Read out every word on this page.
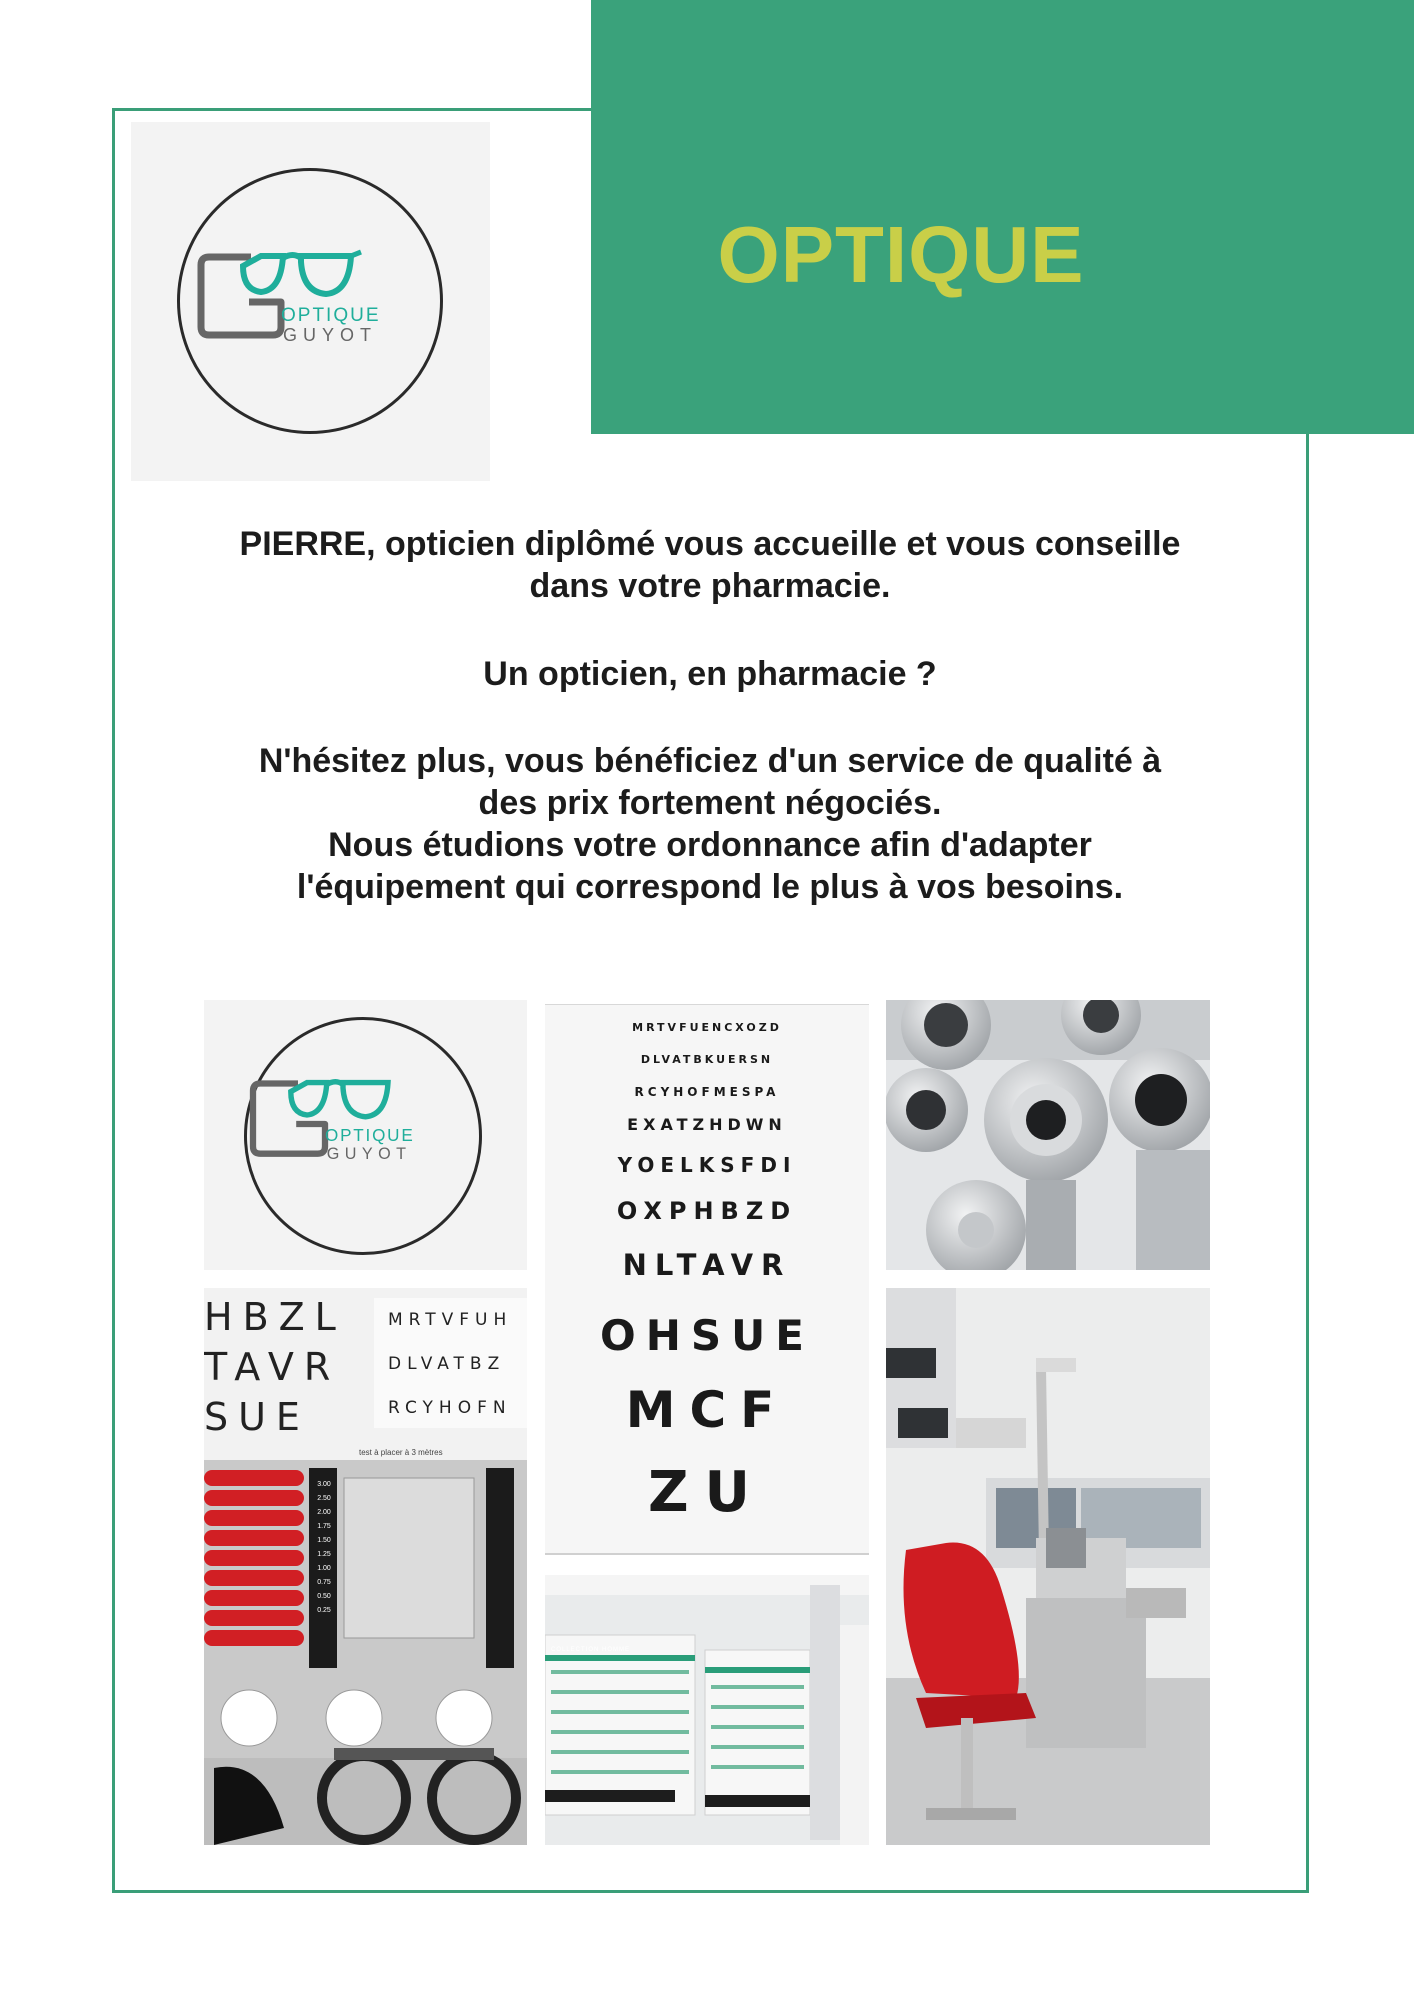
OPTIQUE
OPTIQUE
GUYOT
PIERRE, opticien diplômé vous accueille et vous conseille
dans votre pharmacie.
Un opticien, en pharmacie ?
N'hésitez plus, vous bénéficiez d'un service de qualité à
des prix fortement négociés.
Nous étudions votre ordonnance afin d'adapter
l'équipement qui correspond le plus à vos besoins.
OPTIQUE
GUYOT
MRTVFUENCXOZD
DLVATBKUERSN
RCYHOFMESPA
EXATZHDWN
YOELKSFDI
OXPHBZD
NLTAVR
OHSUE
MCF
ZU
HBZL
TAVR
SUE
MRTVFUH
DLVATBZ
RCYHOFN
test à placer à 3 mètres
3.00
2.50
2.00
1.75
1.50
1.25
1.00
0.75
0.50
0.25
COLLECTION HOMME
